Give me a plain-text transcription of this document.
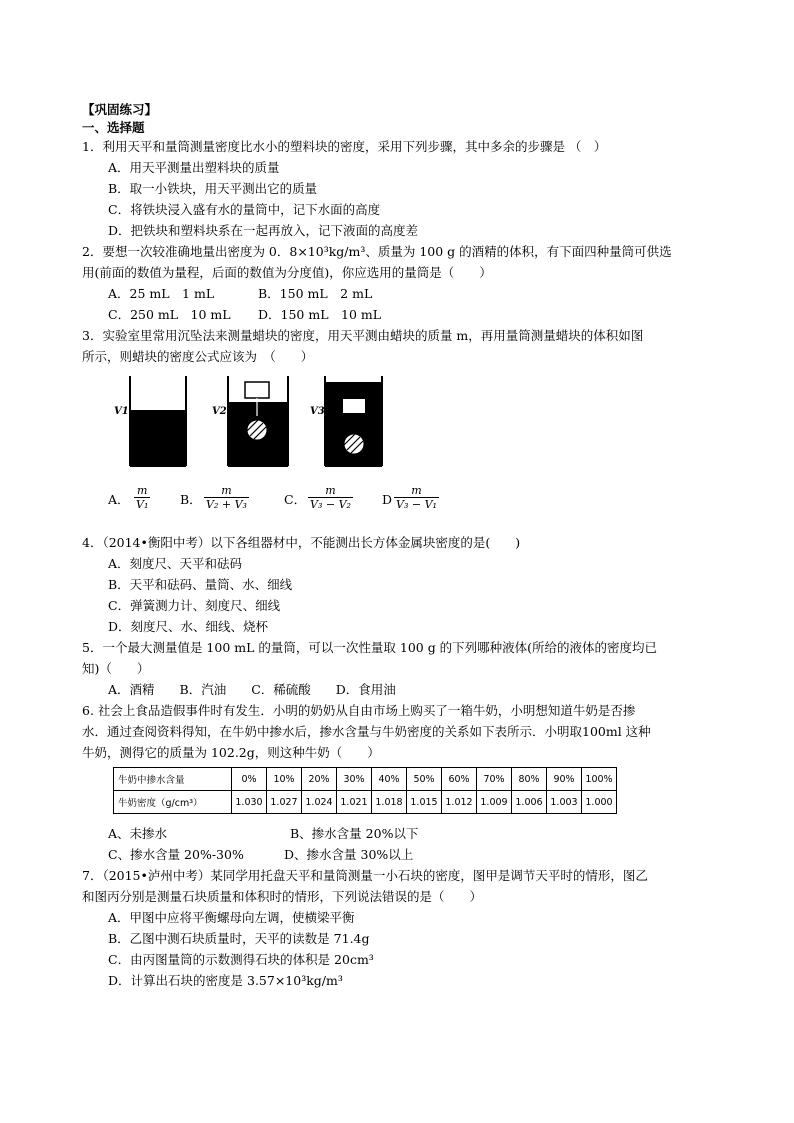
【巩固练习】
一、选择题
1．利用天平和量筒测量密度比水小的塑料块的密度，采用下列步骤，其中多余的步骤是 （　）
A．用天平测量出塑料块的质量
B．取一小铁块，用天平测出它的质量
C．将铁块浸入盛有水的量筒中，记下水面的高度
D．把铁块和塑料块系在一起再放入，记下液面的高度差
2．要想一次较准确地量出密度为 0．8×10³kg/m³、质量为 100 g 的酒精的体积，有下面四种量筒可供选
用(前面的数值为量程，后面的数值为分度值)，你应选用的量筒是（　　）
A．25 mL　1 mL	B．150 mL　2 mL
C．250 mL　10 mL D．150 mL　10 mL
3．实验室里常用沉坠法来测量蜡块的密度，用天平测由蜡块的质量 m，再用量筒测量蜡块的体积如图
所示，则蜡块的密度公式应该为　（　　）
V1	V2	V3
A． $\frac{m}{\text{V₁}}$ B． $\frac{m}{\text{V₂ + V₃}}$	C． $\frac{m}{\text{V₃ − V₂}}$ D $\frac{m}{\text{V₃ − V₁}}$
4．（2014•衡阳中考）以下各组器材中，不能测出长方体金属块密度的是(　　)
A．刻度尺、天平和砝码
B．天平和砝码、量筒、水、细线
C．弹簧测力计、刻度尺、细线
D．刻度尺、水、细线、烧杯
5．一个最大测量值是 100 mL 的量筒，可以一次性量取 100 g 的下列哪种液体(所给的液体的密度均已
知)（　　）
A．酒精　　B．汽油　　C．稀硫酸　　D．食用油
6. 社会上食品造假事件时有发生．小明的奶奶从自由市场上购买了一箱牛奶，小明想知道牛奶是否掺
水．通过查阅资料得知，在牛奶中掺水后，掺水含量与牛奶密度的关系如下表所示．小明取100ml 这种
牛奶，测得它的质量为 102.2g，则这种牛奶（　　）
牛奶中掺水含量	0%	10%	20%	30%	40%	50%	60%	70%	80%	90%	100%
牛奶密度（g/cm³）	1.030	1.027	1.024	1.021	1.018	1.015	1.012	1.009	1.006	1.003	1.000
A、未掺水	B、掺水含量 20%以下
C、掺水含量 20%-30%	D、掺水含量 30%以上
7．（2015•泸州中考）某同学用托盘天平和量筒测量一小石块的密度，图甲是调节天平时的情形，图乙
和图丙分别是测量石块质量和体积时的情形，下列说法错误的是（　　）
A．甲图中应将平衡螺母向左调，使横梁平衡
B．乙图中测石块质量时，天平的读数是 71.4g
C．由丙图量筒的示数测得石块的体积是 20cm³
D．计算出石块的密度是 3.57×10³kg/m³
